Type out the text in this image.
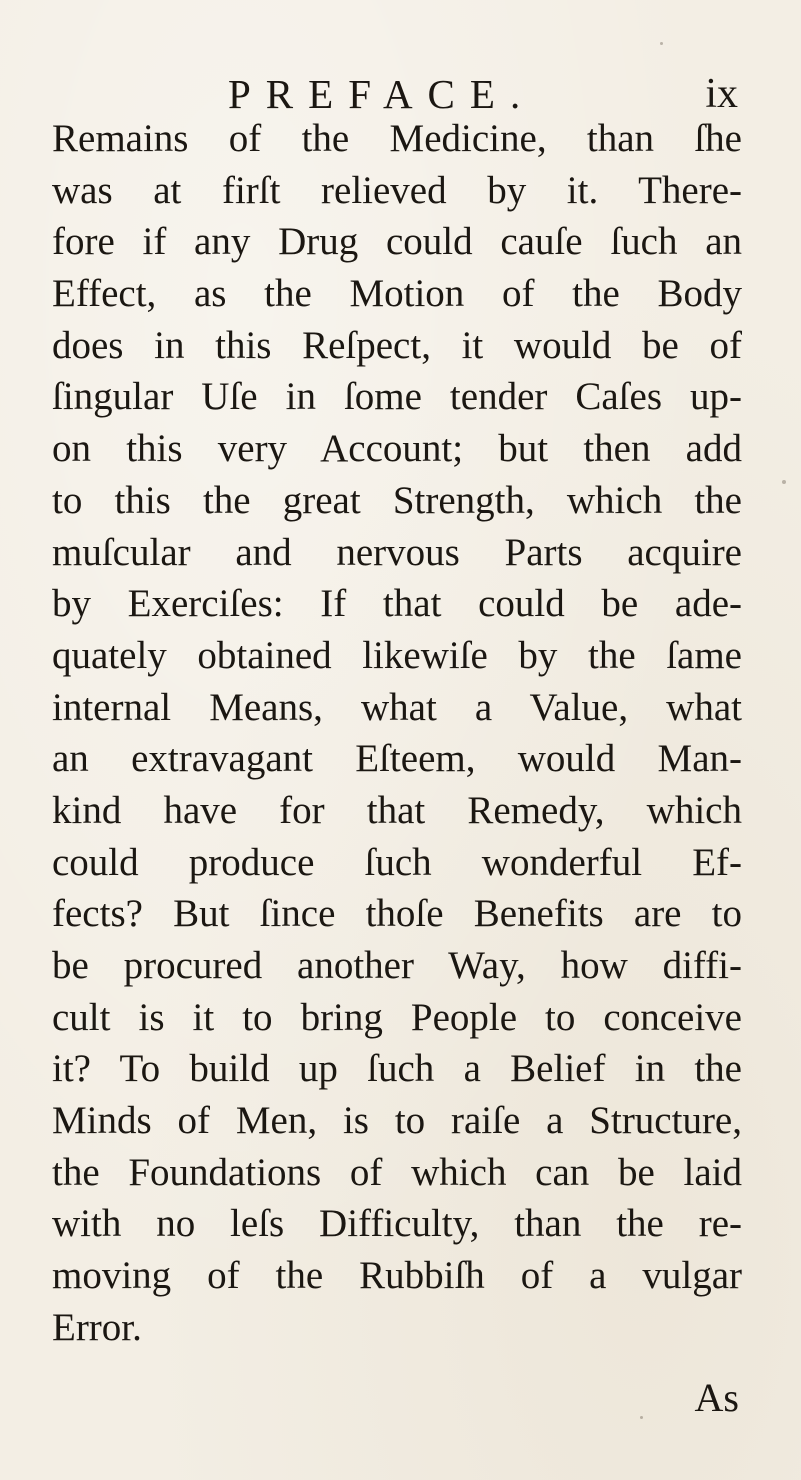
PREFACE.	ix
Remains of the Medicine, than ſhe
was at firſt relieved by it. There-
fore if any Drug could cauſe ſuch an
Effect, as the Motion of the Body
does in this Reſpect, it would be of
ſingular Uſe in ſome tender Caſes up-
on this very Account; but then add
to this the great Strength, which the
muſcular and nervous Parts acquire
by Exerciſes: If that could be ade-
quately obtained likewiſe by the ſame
internal Means, what a Value, what
an extravagant Eſteem, would Man-
kind have for that Remedy, which
could produce ſuch wonderful Ef-
fects? But ſince thoſe Benefits are to
be procured another Way, how diffi-
cult is it to bring People to conceive
it? To build up ſuch a Belief in the
Minds of Men, is to raiſe a Structure,
the Foundations of which can be laid
with no leſs Difficulty, than the re-
moving of the Rubbiſh of a vulgar
Error.
As
